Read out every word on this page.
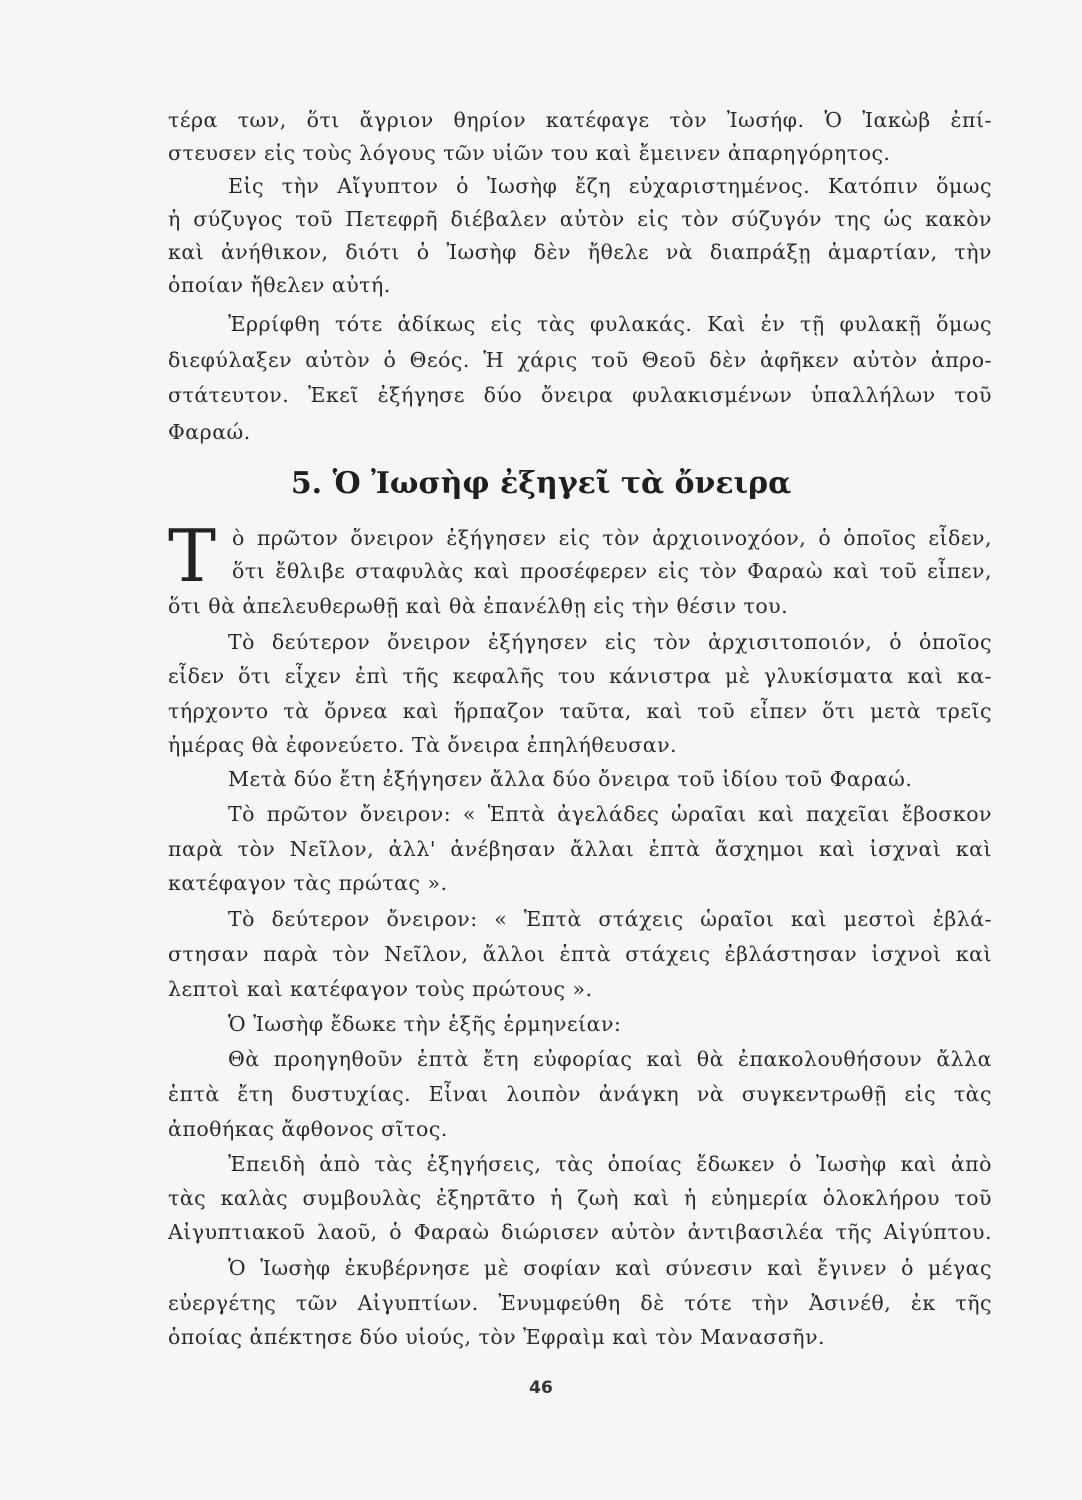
τέρα των, ὅτι ἄγριον θηρίον κατέφαγε τὸν Ἰωσήφ. Ὁ Ἰακὼβ ἐπί-
στευσεν εἰς τοὺς λόγους τῶν υἱῶν του καὶ ἔμεινεν ἀπαρηγόρητος.
Εἰς τὴν Αἴγυπτον ὁ Ἰωσὴφ ἔζη εὐχαριστημένος. Κατόπιν ὅμως
ἡ σύζυγος τοῦ Πετεφρῆ διέβαλεν αὐτὸν εἰς τὸν σύζυγόν της ὡς κακὸν
καὶ ἀνήθικον, διότι ὁ Ἰωσὴφ δὲν ἤθελε νὰ διαπράξῃ ἁμαρτίαν, τὴν
ὁποίαν ἤθελεν αὐτή.
Ἐρρίφθη τότε ἀδίκως εἰς τὰς φυλακάς. Καὶ ἐν τῇ φυλακῇ ὅμως
διεφύλαξεν αὐτὸν ὁ Θεός. Ἡ χάρις τοῦ Θεοῦ δὲν ἀφῆκεν αὐτὸν ἀπρο-
στάτευτον. Ἐκεῖ ἐξήγησε δύο ὄνειρα φυλακισμένων ὑπαλλήλων τοῦ
Φαραώ.
5. Ὁ Ἰωσὴφ ἐξηγεῖ τὰ ὄνειρα
Τ ὸ πρῶτον ὄνειρον ἐξήγησεν εἰς τὸν ἀρχιοινοχόον, ὁ ὁποῖος εἶδεν,
ὅτι ἔθλιβε σταφυλὰς καὶ προσέφερεν εἰς τὸν Φαραὼ καὶ τοῦ εἶπεν,
ὅτι θὰ ἀπελευθερωθῇ καὶ θὰ ἐπανέλθῃ εἰς τὴν θέσιν του.
Τὸ δεύτερον ὄνειρον ἐξήγησεν εἰς τὸν ἀρχισιτοποιόν, ὁ ὁποῖος
εἶδεν ὅτι εἶχεν ἐπὶ τῆς κεφαλῆς του κάνιστρα μὲ γλυκίσματα καὶ κα-
τήρχοντο τὰ ὄρνεα καὶ ἥρπαζον ταῦτα, καὶ τοῦ εἶπεν ὅτι μετὰ τρεῖς
ἡμέρας θὰ ἐφονεύετο. Τὰ ὄνειρα ἐπηλήθευσαν.
Μετὰ δύο ἔτη ἐξήγησεν ἄλλα δύο ὄνειρα τοῦ ἰδίου τοῦ Φαραώ.
Τὸ πρῶτον ὄνειρον: « Ἑπτὰ ἀγελάδες ὡραῖαι καὶ παχεῖαι ἔβοσκον
παρὰ τὸν Νεῖλον, ἀλλ' ἀνέβησαν ἄλλαι ἑπτὰ ἄσχημοι καὶ ἰσχναὶ καὶ
κατέφαγον τὰς πρώτας ».
Τὸ δεύτερον ὄνειρον: « Ἑπτὰ στάχεις ὡραῖοι καὶ μεστοὶ ἐβλά-
στησαν παρὰ τὸν Νεῖλον, ἄλλοι ἑπτὰ στάχεις ἐβλάστησαν ἰσχνοὶ καὶ
λεπτοὶ καὶ κατέφαγον τοὺς πρώτους ».
Ὁ Ἰωσὴφ ἔδωκε τὴν ἑξῆς ἑρμηνείαν:
Θὰ προηγηθοῦν ἑπτὰ ἔτη εὐφορίας καὶ θὰ ἐπακολουθήσουν ἄλλα
ἑπτὰ ἔτη δυστυχίας. Εἶναι λοιπὸν ἀνάγκη νὰ συγκεντρωθῇ εἰς τὰς
ἀποθήκας ἄφθονος σῖτος.
Ἐπειδὴ ἀπὸ τὰς ἐξηγήσεις, τὰς ὁποίας ἔδωκεν ὁ Ἰωσὴφ καὶ ἀπὸ
τὰς καλὰς συμβουλὰς ἐξηρτᾶτο ἡ ζωὴ καὶ ἡ εὐημερία ὁλοκλήρου τοῦ
Αἰγυπτιακοῦ λαοῦ, ὁ Φαραὼ διώρισεν αὐτὸν ἀντιβασιλέα τῆς Αἰγύπτου.
Ὁ Ἰωσὴφ ἐκυβέρνησε μὲ σοφίαν καὶ σύνεσιν καὶ ἔγινεν ὁ μέγας
εὐεργέτης τῶν Αἰγυπτίων. Ἐνυμφεύθη δὲ τότε τὴν Ἀσινέθ, ἐκ τῆς
ὁποίας ἀπέκτησε δύο υἱούς, τὸν Ἐφραὶμ καὶ τὸν Μανασσῆν.
46
